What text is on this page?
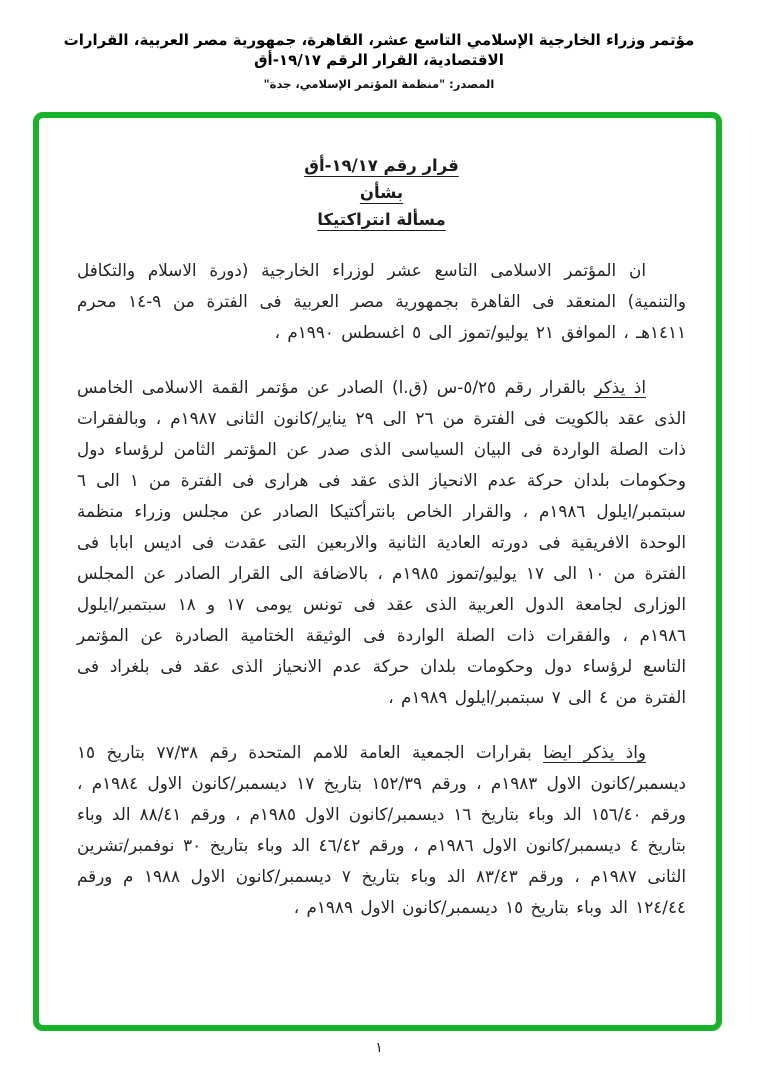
مؤتمر وزراء الخارجية الإسلامي التاسع عشر، القاهرة، جمهورية مصر العربية، القرارات الاقتصادية، القرار الرقم ١٩/١٧-أق
المصدر: "منظمة المؤتمر الإسلامي، جدة"
قرار رقم ١٩/١٧-أق
بشأن
مسألة انتراكتيكا

ان المؤتمر الاسلامى التاسع عشر لوزراء الخارجية (دورة الاسلام والتكافل والتنمية) المنعقد فى القاهرة بجمهورية مصر العربية فى الفترة من ٩-١٤ محرم ١٤١١هـ ، الموافق ٢١ يوليو/تموز الى ٥ اغسطس ١٩٩٠م ،

اذ يذكر بالقرار رقم ٥/٢٥-س (ق.ا) الصادر عن مؤتمر القمة الاسلامى الخامس الذى عقد بالكويت فى الفترة من ٢٦ الى ٢٩ يناير/كانون الثانى ١٩٨٧م ، وبالفقرات ذات الصلة الواردة فى البيان السياسى الذى صدر عن المؤتمر الثامن لرؤساء دول وحكومات بلدان حركة عدم الانحياز الذى عقد فى هرارى فى الفترة من ١ الى ٦ سبتمبر/ايلول ١٩٨٦م ، والقرار الخاص بانترأكتيكا الصادر عن مجلس وزراء منظمة الوحدة الافريقية فى دورته العادية الثانية والاربعين التى عقدت فى اديس ابابا فى الفترة من ١٠ الى ١٧ يوليو/تموز ١٩٨٥م ، بالاضافة الى القرار الصادر عن المجلس الوزارى لجامعة الدول العربية الذى عقد فى تونس يومى ١٧ و ١٨ سبتمبر/ايلول ١٩٨٦م ، والفقرات ذات الصلة الواردة فى الوثيقة الختامية الصادرة عن المؤتمر التاسع لرؤساء دول وحكومات بلدان حركة عدم الانحياز الذى عقد فى بلغراد فى الفترة من ٤ الى ٧ سبتمبر/ايلول ١٩٨٩م ،

واذ يذكر ايضا بقرارات الجمعية العامة للامم المتحدة رقم ٧٧/٣٨ بتاريخ ١٥ ديسمبر/كانون الاول ١٩٨٣م ، ورقم ١٥٢/٣٩ بتاريخ ١٧ ديسمبر/كانون الاول ١٩٨٤م ، ورقم ١٥٦/٤٠ الد وباء بتاريخ ١٦ ديسمبر/كانون الاول ١٩٨٥م ، ورقم ٨٨/٤١ الد وباء بتاريخ ٤ ديسمبر/كانون الاول ١٩٨٦م ، ورقم ٤٦/٤٢ الد وباء بتاريخ ٣٠ نوفمبر/تشرين الثانى ١٩٨٧م ، ورقم ٨٣/٤٣ الد وباء بتاريخ ٧ ديسمبر/كانون الاول ١٩٨٨ م ورقم ١٢٤/٤٤ الد وباء بتاريخ ١٥ ديسمبر/كانون الاول ١٩٨٩م ،

١
